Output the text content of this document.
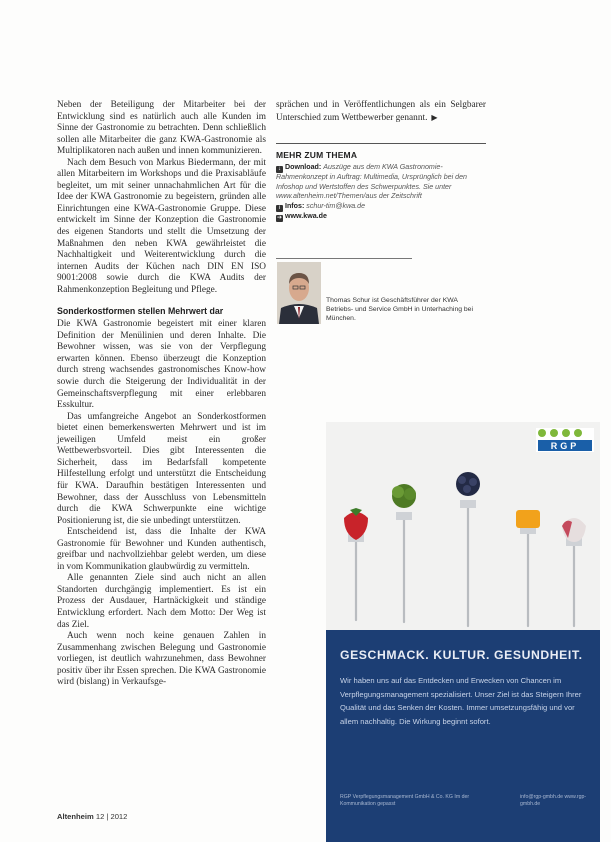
Neben der Beteiligung der Mitarbeiter bei der Entwicklung sind es natürlich auch alle Kunden im Sinne der Gastronomie zu betrachten. Denn schließlich sollen alle Mitarbeiter die ganz KWA-Gastronomie als Multiplikatoren nach außen und innen kommunizieren.

Nach dem Besuch von Markus Biedermann, der mit allen Mitarbeitern im Workshops und die Praxisabläufe begleitet, um mit seiner unnachahmlichen Art für die Idee der KWA Gastronomie zu begeistern, gründen alle Einrichtungen eine KWA-Gastronomie Gruppe. Diese entwickelt im Sinne der Konzeption die Gastronomie des eigenen Standorts und stellt die Umsetzung der Maßnahmen den neben KWA gewährleistet die Nachhaltigkeit und Weiterentwicklung durch die internen Audits der Küchen nach DIN EN ISO 9001:2008 sowie durch die KWA Audits der Rahmenkonzeption Begleitung und Pflege.

Sonderkostformen stellen Mehrwert dar

Die KWA Gastronomie begeistert mit einer klaren Definition der Menülinien und deren Inhalte. Die Bewohner wissen, was sie von der Verpflegung erwarten können. Ebenso überzeugt die Konzeption durch streng wachsendes gastronomisches Know-how sowie durch die Steigerung der Individualität in der Gemeinschaftsverpflegung mit einer erlebbaren Esskultur.

Das umfangreiche Angebot an Sonderkostformen bietet einen bemerkenswerten Mehrwert und ist im jeweiligen Umfeld meist ein großer Wettbewerbsvorteil. Dies gibt Interessenten die Sicherheit, dass im Bedarfsfall kompetente Hilfestellung erfolgt und unterstützt die Entscheidung für KWA. Daraufhin bestätigen Interessenten und Bewohner, dass der Ausschluss von Lebensmitteln durch die KWA Schwerpunkte eine wichtige Positionierung ist, die sie unbedingt unterstützen.

Entscheidend ist, dass die Inhalte der KWA Gastronomie für Bewohner und Kunden authentisch, greifbar und nachvollziehbar gelebt werden, um diese in vom Kommunikation glaubwürdig zu vermitteln.

Alle genannten Ziele sind auch nicht an allen Standorten durchgängig implementiert. Es ist ein Prozess der Ausdauer, Hartnäckigkeit und ständige Entwicklung erfordert. Nach dem Motto: Der Weg ist das Ziel.

Auch wenn noch keine genauen Zahlen in Zusammenhang zwischen Belegung und Gastronomie vorliegen, ist deutlich wahrzunehmen, dass Bewohner positiv über ihr Essen sprechen. Die KWA Gastronomie wird (bislang) in Verkaufsge-

sprächen und in Veröffentlichungen als ein Selgbarer Unterschied zum Wettbewerber genannt. ▶

MEHR ZUM THEMA
↓ Download: Auszüge aus dem KWA Gastronomie-Rahmenkonzept in Auftrag: Multimedia, Ursprünglich bei den Infoshop und Wertstoffen des Schwerpunktes. Sie unter www.altenheim.net/Themen/aus der Zeitschrift
i Infos: schur-tim@kwa.de
➔ www.kwa.de
Thomas Schur ist Geschäftsführer der KWA Betriebs- und Service GmbH in Unterhaching bei München.
RGP

GESCHMACK. KULTUR. GESUNDHEIT.

Wir haben uns auf das Entdecken und Erwecken von Chancen im Verpflegungsmanagement spezialisiert. Unser Ziel ist das Steigern Ihrer Qualität und das Senken der Kosten. Immer umsetzungsfähig und vor allem nachhaltig. Die Wirkung beginnt sofort.

RGP Verpflegungsmanagement GmbH & Co. KG Im der Kommunikation gepasst
info@rgp-gmbh.de www.rgp-gmbh.de
Altenheim 12 | 2012
